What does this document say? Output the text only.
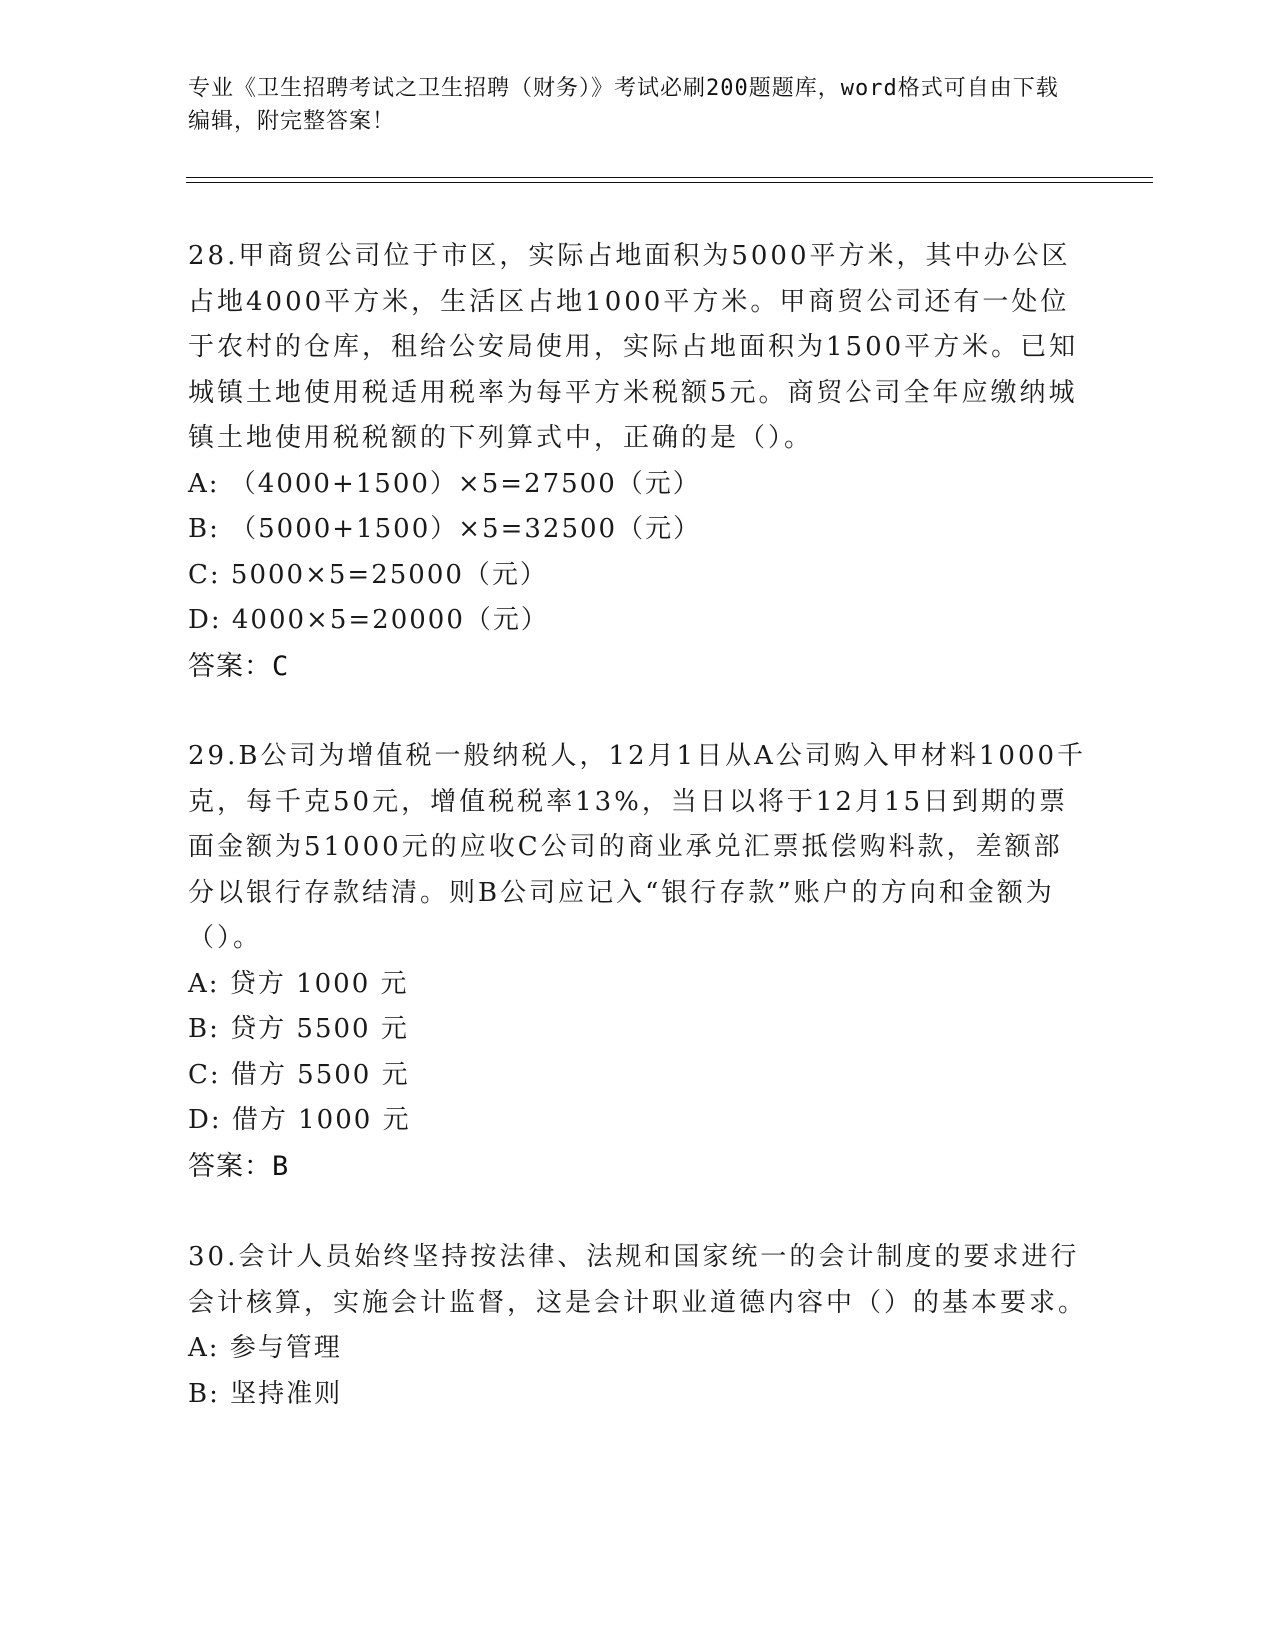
专业《卫生招聘考试之卫生招聘（财务）》考试必刷200题题库，word格式可自由下载编辑，附完整答案！
28.甲商贸公司位于市区，实际占地面积为5000平方米，其中办公区占地4000平方米，生活区占地1000平方米。甲商贸公司还有一处位于农村的仓库，租给公安局使用，实际占地面积为1500平方米。已知城镇土地使用税适用税率为每平方米税额5元。商贸公司全年应缴纳城镇土地使用税税额的下列算式中，正确的是（）。
A: （4000+1500）×5=27500（元）
B: （5000+1500）×5=32500（元）
C: 5000×5=25000（元）
D: 4000×5=20000（元）
答案：C
29.B公司为增值税一般纳税人，12月1日从A公司购入甲材料1000千克，每千克50元，增值税税率13%，当日以将于12月15日到期的票面金额为51000元的应收C公司的商业承兑汇票抵偿购料款，差额部分以银行存款结清。则B公司应记入“银行存款”账户的方向和金额为（）。
A: 贷方 1000 元
B: 贷方 5500 元
C: 借方 5500 元
D: 借方 1000 元
答案：B
30.会计人员始终坚持按法律、法规和国家统一的会计制度的要求进行会计核算，实施会计监督，这是会计职业道德内容中（）的基本要求。
A: 参与管理
B: 坚持准则
